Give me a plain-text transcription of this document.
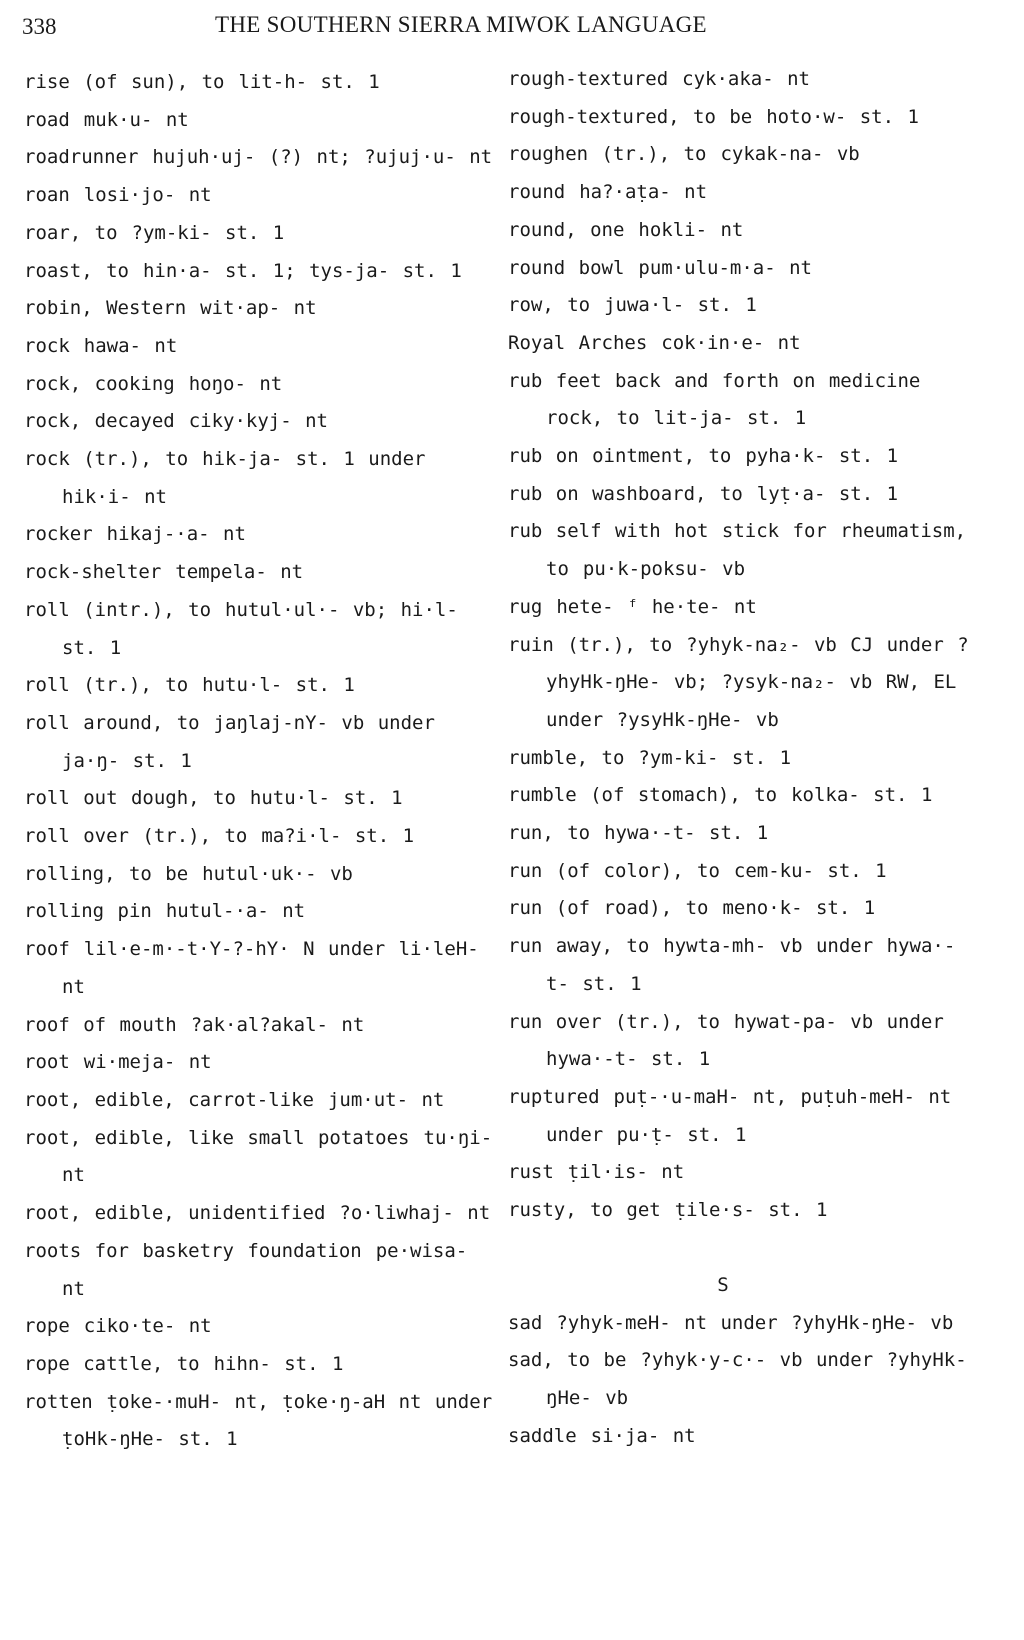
338	THE SOUTHERN SIERRA MIWOK LANGUAGE
rise (of sun), to lit-h- st. 1
road muk·u- nt
roadrunner hujuh·uj- (?) nt; ?ujuj·u- nt
roan losi·jo- nt
roar, to ?ym-ki- st. 1
roast, to hin·a- st. 1; tys-ja- st. 1
robin, Western wit·ap- nt
rock hawa- nt
rock, cooking hoŋo- nt
rock, decayed ciky·kyj- nt
rock (tr.), to hik-ja- st. 1 under hik·i- nt
rocker hikaj-·a- nt
rock-shelter tempela- nt
roll (intr.), to hutul·ul·- vb; hi·l- st. 1
roll (tr.), to hutu·l- st. 1
roll around, to jaŋlaj-nY- vb under ja·ŋ- st. 1
roll out dough, to hutu·l- st. 1
roll over (tr.), to ma?i·l- st. 1
rolling, to be hutul·uk·- vb
rolling pin hutul-·a- nt
roof lil·e-m·-t·Y-?-hY· N under li·leH- nt
roof of mouth ?ak·al?akal- nt
root wi·meja- nt
root, edible, carrot-like jum·ut- nt
root, edible, like small potatoes tu·ŋi- nt
root, edible, unidentified ?o·liwhaj- nt
roots for basketry foundation pe·wisa- nt
rope ciko·te- nt
rope cattle, to hihn- st. 1
rotten ṭoke-·muH- nt, ṭoke·ŋ-aH nt under ṭoHk-ŋHe- st. 1
rough-textured cyk·aka- nt
rough-textured, to be hoto·w- st. 1
roughen (tr.), to cykak-na- vb
round ha?·aṭa- nt
round, one hokli- nt
round bowl pum·ulu-m·a- nt
row, to juwa·l- st. 1
Royal Arches cok·in·e- nt
rub feet back and forth on medicine rock, to lit-ja- st. 1
rub on ointment, to pyha·k- st. 1
rub on washboard, to lyṭ·a- st. 1
rub self with hot stick for rheumatism, to pu·k-poksu- vb
rug hete- ᶠ he·te- nt
ruin (tr.), to ?yhyk-na₂- vb CJ under ?yhyHk-ŋHe- vb; ?ysyk-na₂- vb RW, EL under ?ysyHk-ŋHe- vb
rumble, to ?ym-ki- st. 1
rumble (of stomach), to kolka- st. 1
run, to hywa·-t- st. 1
run (of color), to cem-ku- st. 1
run (of road), to meno·k- st. 1
run away, to hywta-mh- vb under hywa·-t- st. 1
run over (tr.), to hywat-pa- vb under hywa·-t- st. 1
ruptured puṭ-·u-maH- nt, puṭuh-meH- nt under pu·ṭ- st. 1
rust ṭil·is- nt
rusty, to get ṭile·s- st. 1
S
sad ?yhyk-meH- nt under ?yhyHk-ŋHe- vb
sad, to be ?yhyk·y-c·- vb under ?yhyHk-ŋHe- vb
saddle si·ja- nt
